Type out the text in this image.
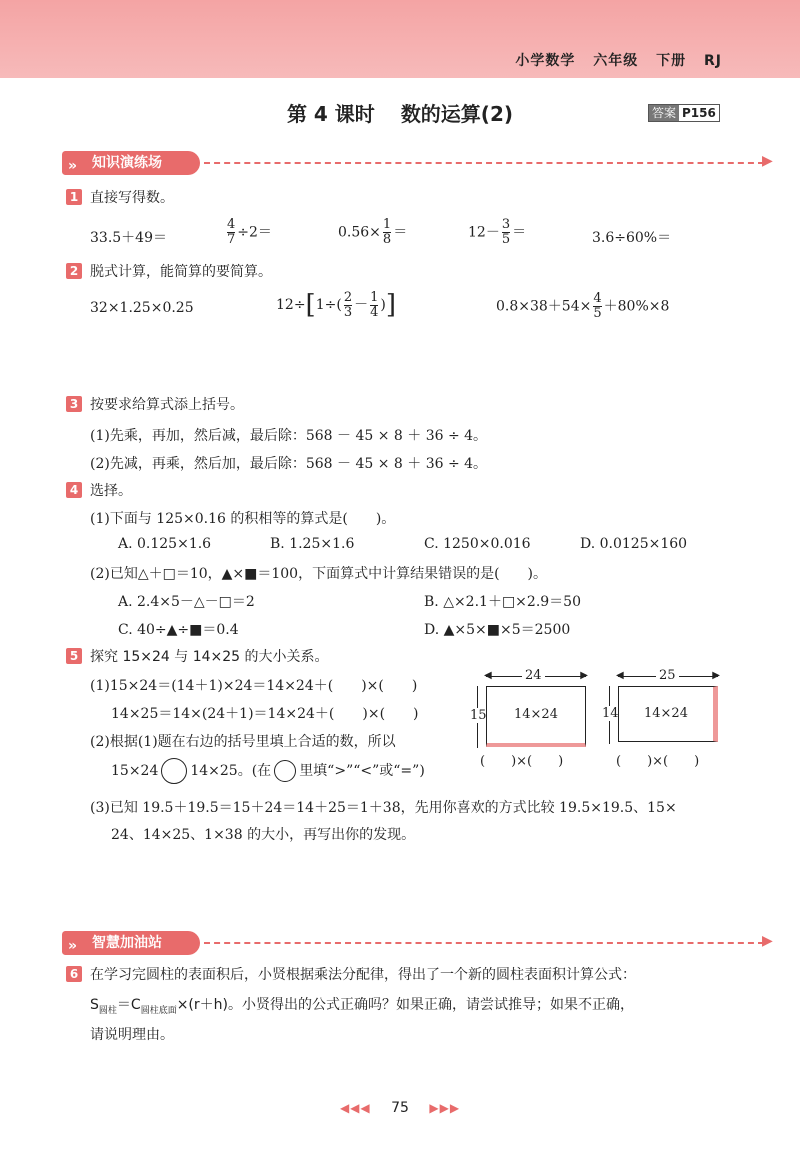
小学数学 六年级 下册 RJ
第 4 课时 数的运算(2)	答案 P156
» 知识演练场	▶
1 直接写得数。
33.5＋49＝	$\frac{4}{7} \div 2=$	$0.56\times \frac{1}{8}$ ＝	$12- \frac{3}{5}$ ＝	3.6÷60%＝
2 脱式计算，能简算的要简算。
32×1.25×0.25	$12\div[1\div( \frac{2}{3} - \frac{1}{4}$ )]	$0.8\times 38+54\times \frac{4}{5} +80\%\times 8$
3 按要求给算式添上括号。
(1)先乘，再加，然后减，最后除：568 － 45 × 8 ＋ 36 ÷ 4。
(2)先减，再乘，然后加，最后除：568 － 45 × 8 ＋ 36 ÷ 4。
4 选择。
(1)下面与 125×0.16 的积相等的算式是(　　)。
A. 0.125×1.6	B. 1.25×1.6	C. 1250×0.016	D. 0.0125×160
(2)已知△＋□＝10，▲×■＝100，下面算式中计算结果错误的是(　　)。
A. 2.4×5－△－□＝2	B. △×2.1＋□×2.9＝50
C. 40÷▲÷■＝0.4	D. ▲×5×■×5＝2500
5 探究 15×24 与 14×25 的大小关系。
(1)15×24＝(14＋1)×24＝14×24＋(　　)×(　　)
14×25＝14×(24＋1)＝14×24＋(　　)×(　　)
(2)根据(1)题在右边的括号里填上合适的数，所以
15×24 14×25。(在 里填“>”“<”或“=”)
(3)已知 19.5＋19.5＝15＋24＝14＋25＝1＋38，先用你喜欢的方式比较 19.5×19.5、15×
24、14×25、1×38 的大小，再写出你的发现。
◀	▶
24
15	14×24
(　　)×(　　)
◀	▶
25
14	14×24
(　　)×(　　)
» 智慧加油站	▶
6 在学习完圆柱的表面积后，小贤根据乘法分配律，得出了一个新的圆柱表面积计算公式：
$S_{圆柱}=C_{圆柱底面}\times(r+h)$。小贤得出的公式正确吗？如果正确，请尝试推导；如果不正确，
请说明理由。
◀◀◀ 75 ▶▶▶
